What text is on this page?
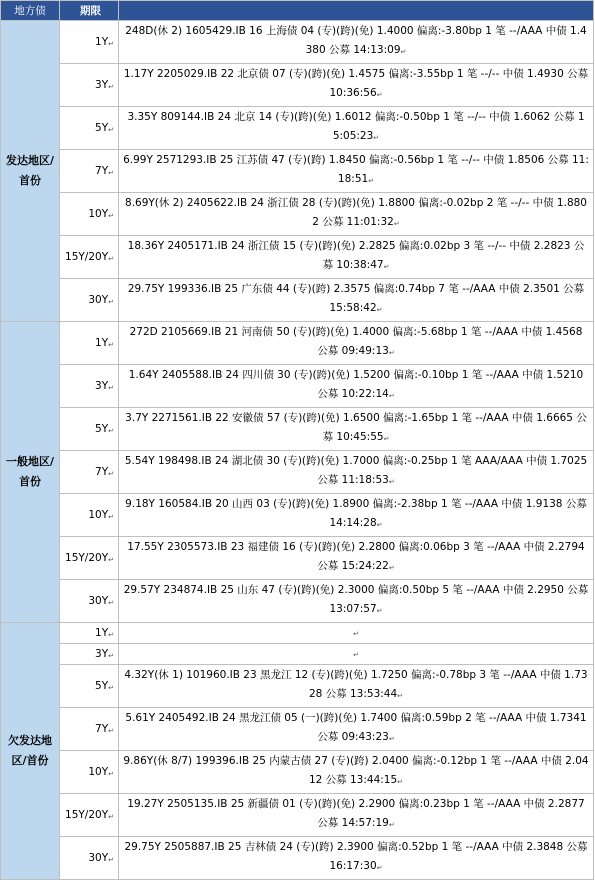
地方债	期限	
发达地区/首份	1Y↵	248D(休 2) 1605429.IB 16 上海债 04 (专)(跨)(免) 1.4000 偏离:-3.80bp 1 笔 --/AAA 中债 1.4380 公募 14:13:09↵
	3Y↵	1.17Y 2205029.IB 22 北京债 07 (专)(跨)(免) 1.4575 偏离:-3.55bp 1 笔 --/-- 中债 1.4930 公募 10:36:56↵
	5Y↵	3.35Y 809144.IB 24 北京 14 (专)(跨)(免) 1.6012 偏离:-0.50bp 1 笔 --/-- 中债 1.6062 公募 15:05:23↵
	7Y↵	6.99Y 2571293.IB 25 江苏债 47 (专)(跨) 1.8450 偏离:-0.56bp 1 笔 --/-- 中债 1.8506 公募 11:18:51↵
	10Y↵	8.69Y(休 2) 2405622.IB 24 浙江债 28 (专)(跨)(免) 1.8800 偏离:-0.02bp 2 笔 --/-- 中债 1.8802 公募 11:01:32↵
	15Y/20Y↵	18.36Y 2405171.IB 24 浙江债 15 (专)(跨)(免) 2.2825 偏离:0.02bp 3 笔 --/-- 中债 2.2823 公募 10:38:47↵
	30Y↵	29.75Y 199336.IB 25 广东债 44 (专)(跨) 2.3575 偏离:0.74bp 7 笔 --/AAA 中债 2.3501 公募 15:58:42↵
一般地区/首份	1Y↵	272D 2105669.IB 21 河南债 50 (专)(跨)(免) 1.4000 偏离:-5.68bp 1 笔 --/AAA 中债 1.4568 公募 09:49:13↵
	3Y↵	1.64Y 2405588.IB 24 四川债 30 (专)(跨)(免) 1.5200 偏离:-0.10bp 1 笔 --/AAA 中债 1.5210 公募 10:22:14↵
	5Y↵	3.7Y 2271561.IB 22 安徽债 57 (专)(跨)(免) 1.6500 偏离:-1.65bp 1 笔 --/AAA 中债 1.6665 公募 10:45:55↵
	7Y↵	5.54Y 198498.IB 24 湖北债 30 (专)(跨)(免) 1.7000 偏离:-0.25bp 1 笔 AAA/AAA 中债 1.7025 公募 11:18:53↵
	10Y↵	9.18Y 160584.IB 20 山西 03 (专)(跨)(免) 1.8900 偏离:-2.38bp 1 笔 --/AAA 中债 1.9138 公募 14:14:28↵
	15Y/20Y↵	17.55Y 2305573.IB 23 福建债 16 (专)(跨)(免) 2.2800 偏离:0.06bp 3 笔 --/AAA 中债 2.2794 公募 15:24:22↵
	30Y↵	29.57Y 234874.IB 25 山东 47 (专)(跨)(免) 2.3000 偏离:0.50bp 5 笔 --/AAA 中债 2.2950 公募 13:07:57↵
欠发达地区/首份	1Y↵	↵
	3Y↵	↵
	5Y↵	4.32Y(休 1) 101960.IB 23 黑龙江 12 (专)(跨)(免) 1.7250 偏离:-0.78bp 3 笔 --/AAA 中债 1.7328 公募 13:53:44↵
	7Y↵	5.61Y 2405492.IB 24 黑龙江债 05 (一)(跨)(免) 1.7400 偏离:0.59bp 2 笔 --/AAA 中债 1.7341 公募 09:43:23↵
	10Y↵	9.86Y(休 8/7) 199396.IB 25 内蒙古债 27 (专)(跨) 2.0400 偏离:-0.12bp 1 笔 --/AAA 中债 2.0412 公募 13:44:15↵
	15Y/20Y↵	19.27Y 2505135.IB 25 新疆债 01 (专)(跨)(免) 2.2900 偏离:0.23bp 1 笔 --/AAA 中债 2.2877 公募 14:57:19↵
	30Y↵	29.75Y 2505887.IB 25 吉林债 24 (专)(跨) 2.3900 偏离:0.52bp 1 笔 --/AAA 中债 2.3848 公募 16:17:30↵
